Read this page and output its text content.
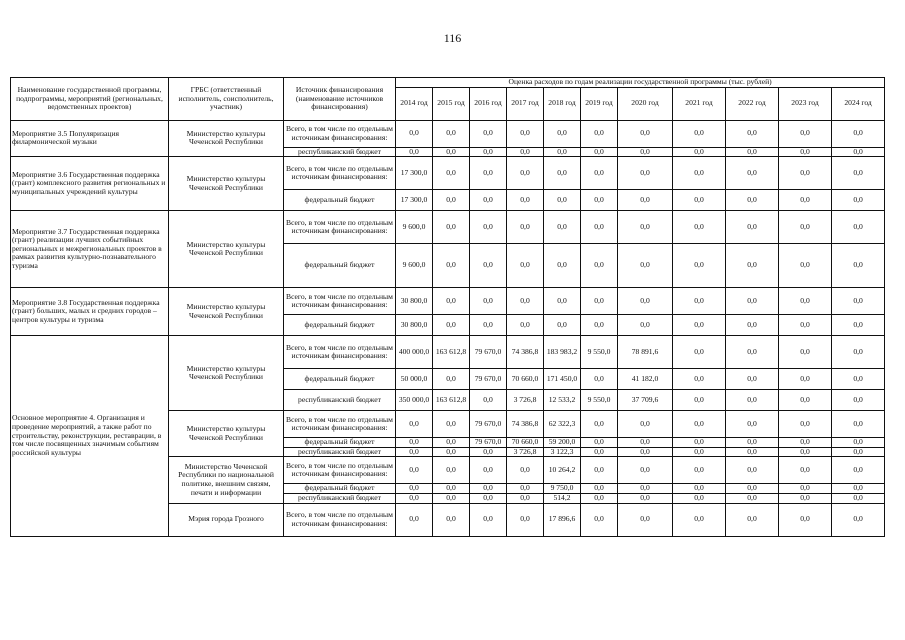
116
Наименование государственной программы, подпрограммы, мероприятий (региональных, ведомственных проектов)	ГРБС (ответственный исполнитель, соисполнитель, участник)	Источник финансирования (наименование источников финансирования)	Оценка расходов по годам реализации государственной программы (тыс. рублей)										
			2014 год	2015 год	2016 год	2017 год	2018 год	2019 год	2020 год	2021 год	2022 год	2023 год	2024 год
Мероприятие 3.5 Популяризация филармонической музыки	Министерство культуры Чеченской Республики	Всего, в том числе по отдельным источникам финансирования:	0,0	0,0	0,0	0,0	0,0	0,0	0,0	0,0	0,0	0,0	0,0
		республиканский бюджет	0,0	0,0	0,0	0,0	0,0	0,0	0,0	0,0	0,0	0,0	0,0
Мероприятие 3.6 Государственная поддержка (грант) комплексного развития региональных и муниципальных учреждений культуры	Министерство культуры Чеченской Республики	Всего, в том числе по отдельным источникам финансирования:	17 300,0	0,0	0,0	0,0	0,0	0,0	0,0	0,0	0,0	0,0	0,0
		федеральный бюджет	17 300,0	0,0	0,0	0,0	0,0	0,0	0,0	0,0	0,0	0,0	0,0
Мероприятие 3.7 Государственная поддержка (грант) реализации лучших событийных региональных и межрегиональных проектов в рамках развития культурно-познавательного туризма	Министерство культуры Чеченской Республики	Всего, в том числе по отдельным источникам финансирования:	9 600,0	0,0	0,0	0,0	0,0	0,0	0,0	0,0	0,0	0,0	0,0
		федеральный бюджет	9 600,0	0,0	0,0	0,0	0,0	0,0	0,0	0,0	0,0	0,0	0,0
Мероприятие 3.8 Государственная поддержка (грант) больших, малых и средних городов – центров культуры и туризма	Министерство культуры Чеченской Республики	Всего, в том числе по отдельным источникам финансирования:	30 800,0	0,0	0,0	0,0	0,0	0,0	0,0	0,0	0,0	0,0	0,0
		федеральный бюджет	30 800,0	0,0	0,0	0,0	0,0	0,0	0,0	0,0	0,0	0,0	0,0
Основное мероприятие 4. Организация и проведение мероприятий, а также работ по строительству, реконструкции, реставрации, в том числе посвященных значимым событиям российской культуры	Министерство культуры Чеченской Республики	Всего, в том числе по отдельным источникам финансирования:	400 000,0	163 612,8	79 670,0	74 386,8	183 983,2	9 550,0	78 891,6	0,0	0,0	0,0	0,0
		федеральный бюджет	50 000,0	0,0	79 670,0	70 660,0	171 450,0	0,0	41 182,0	0,0	0,0	0,0	0,0
		республиканский бюджет	350 000,0	163 612,8	0,0	3 726,8	12 533,2	9 550,0	37 709,6	0,0	0,0	0,0	0,0
	Министерство культуры Чеченской Республики	Всего, в том числе по отдельным источникам финансирования:	0,0	0,0	79 670,0	74 386,8	62 322,3	0,0	0,0	0,0	0,0	0,0	0,0
		федеральный бюджет	0,0	0,0	79 670,0	70 660,0	59 200,0	0,0	0,0	0,0	0,0	0,0	0,0
		республиканский бюджет	0,0	0,0	0,0	3 726,8	3 122,3	0,0	0,0	0,0	0,0	0,0	0,0
	Министерство Чеченской Республики по национальной политике, внешним связям, печати и информации	Всего, в том числе по отдельным источникам финансирования:	0,0	0,0	0,0	0,0	10 264,2	0,0	0,0	0,0	0,0	0,0	0,0
		федеральный бюджет	0,0	0,0	0,0	0,0	9 750,0	0,0	0,0	0,0	0,0	0,0	0,0
		республиканский бюджет	0,0	0,0	0,0	0,0	514,2	0,0	0,0	0,0	0,0	0,0	0,0
	Мэрия города Грозного	Всего, в том числе по отдельным источникам финансирования:	0,0	0,0	0,0	0,0	17 896,6	0,0	0,0	0,0	0,0	0,0	0,0
